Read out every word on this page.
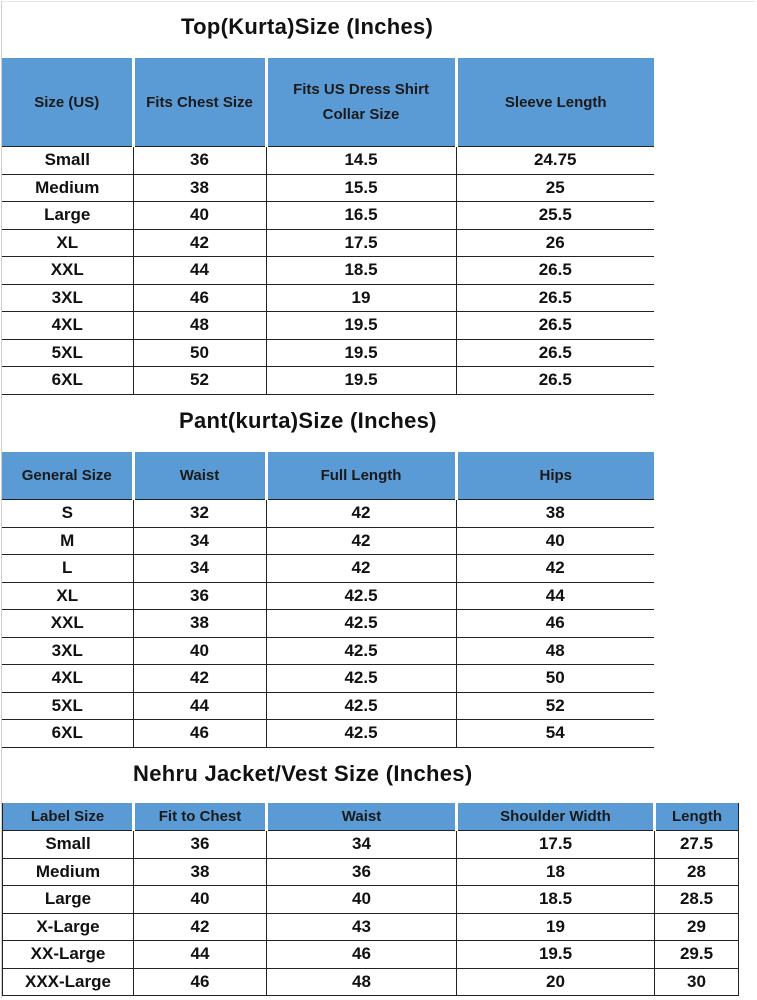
Top(Kurta)Size (Inches)
Size (US)	Fits Chest Size	Fits US Dress Shirt Collar Size	Sleeve Length
Small	36	14.5	24.75
Medium	38	15.5	25
Large	40	16.5	25.5
XL	42	17.5	26
XXL	44	18.5	26.5
3XL	46	19	26.5
4XL	48	19.5	26.5
5XL	50	19.5	26.5
6XL	52	19.5	26.5
Pant(kurta)Size (Inches)
General Size	Waist	Full Length	Hips
S	32	42	38
M	34	42	40
L	34	42	42
XL	36	42.5	44
XXL	38	42.5	46
3XL	40	42.5	48
4XL	42	42.5	50
5XL	44	42.5	52
6XL	46	42.5	54
Nehru Jacket/Vest Size (Inches)
Label Size	Fit to Chest	Waist	Shoulder Width	Length
Small	36	34	17.5	27.5
Medium	38	36	18	28
Large	40	40	18.5	28.5
X-Large	42	43	19	29
XX-Large	44	46	19.5	29.5
XXX-Large	46	48	20	30
